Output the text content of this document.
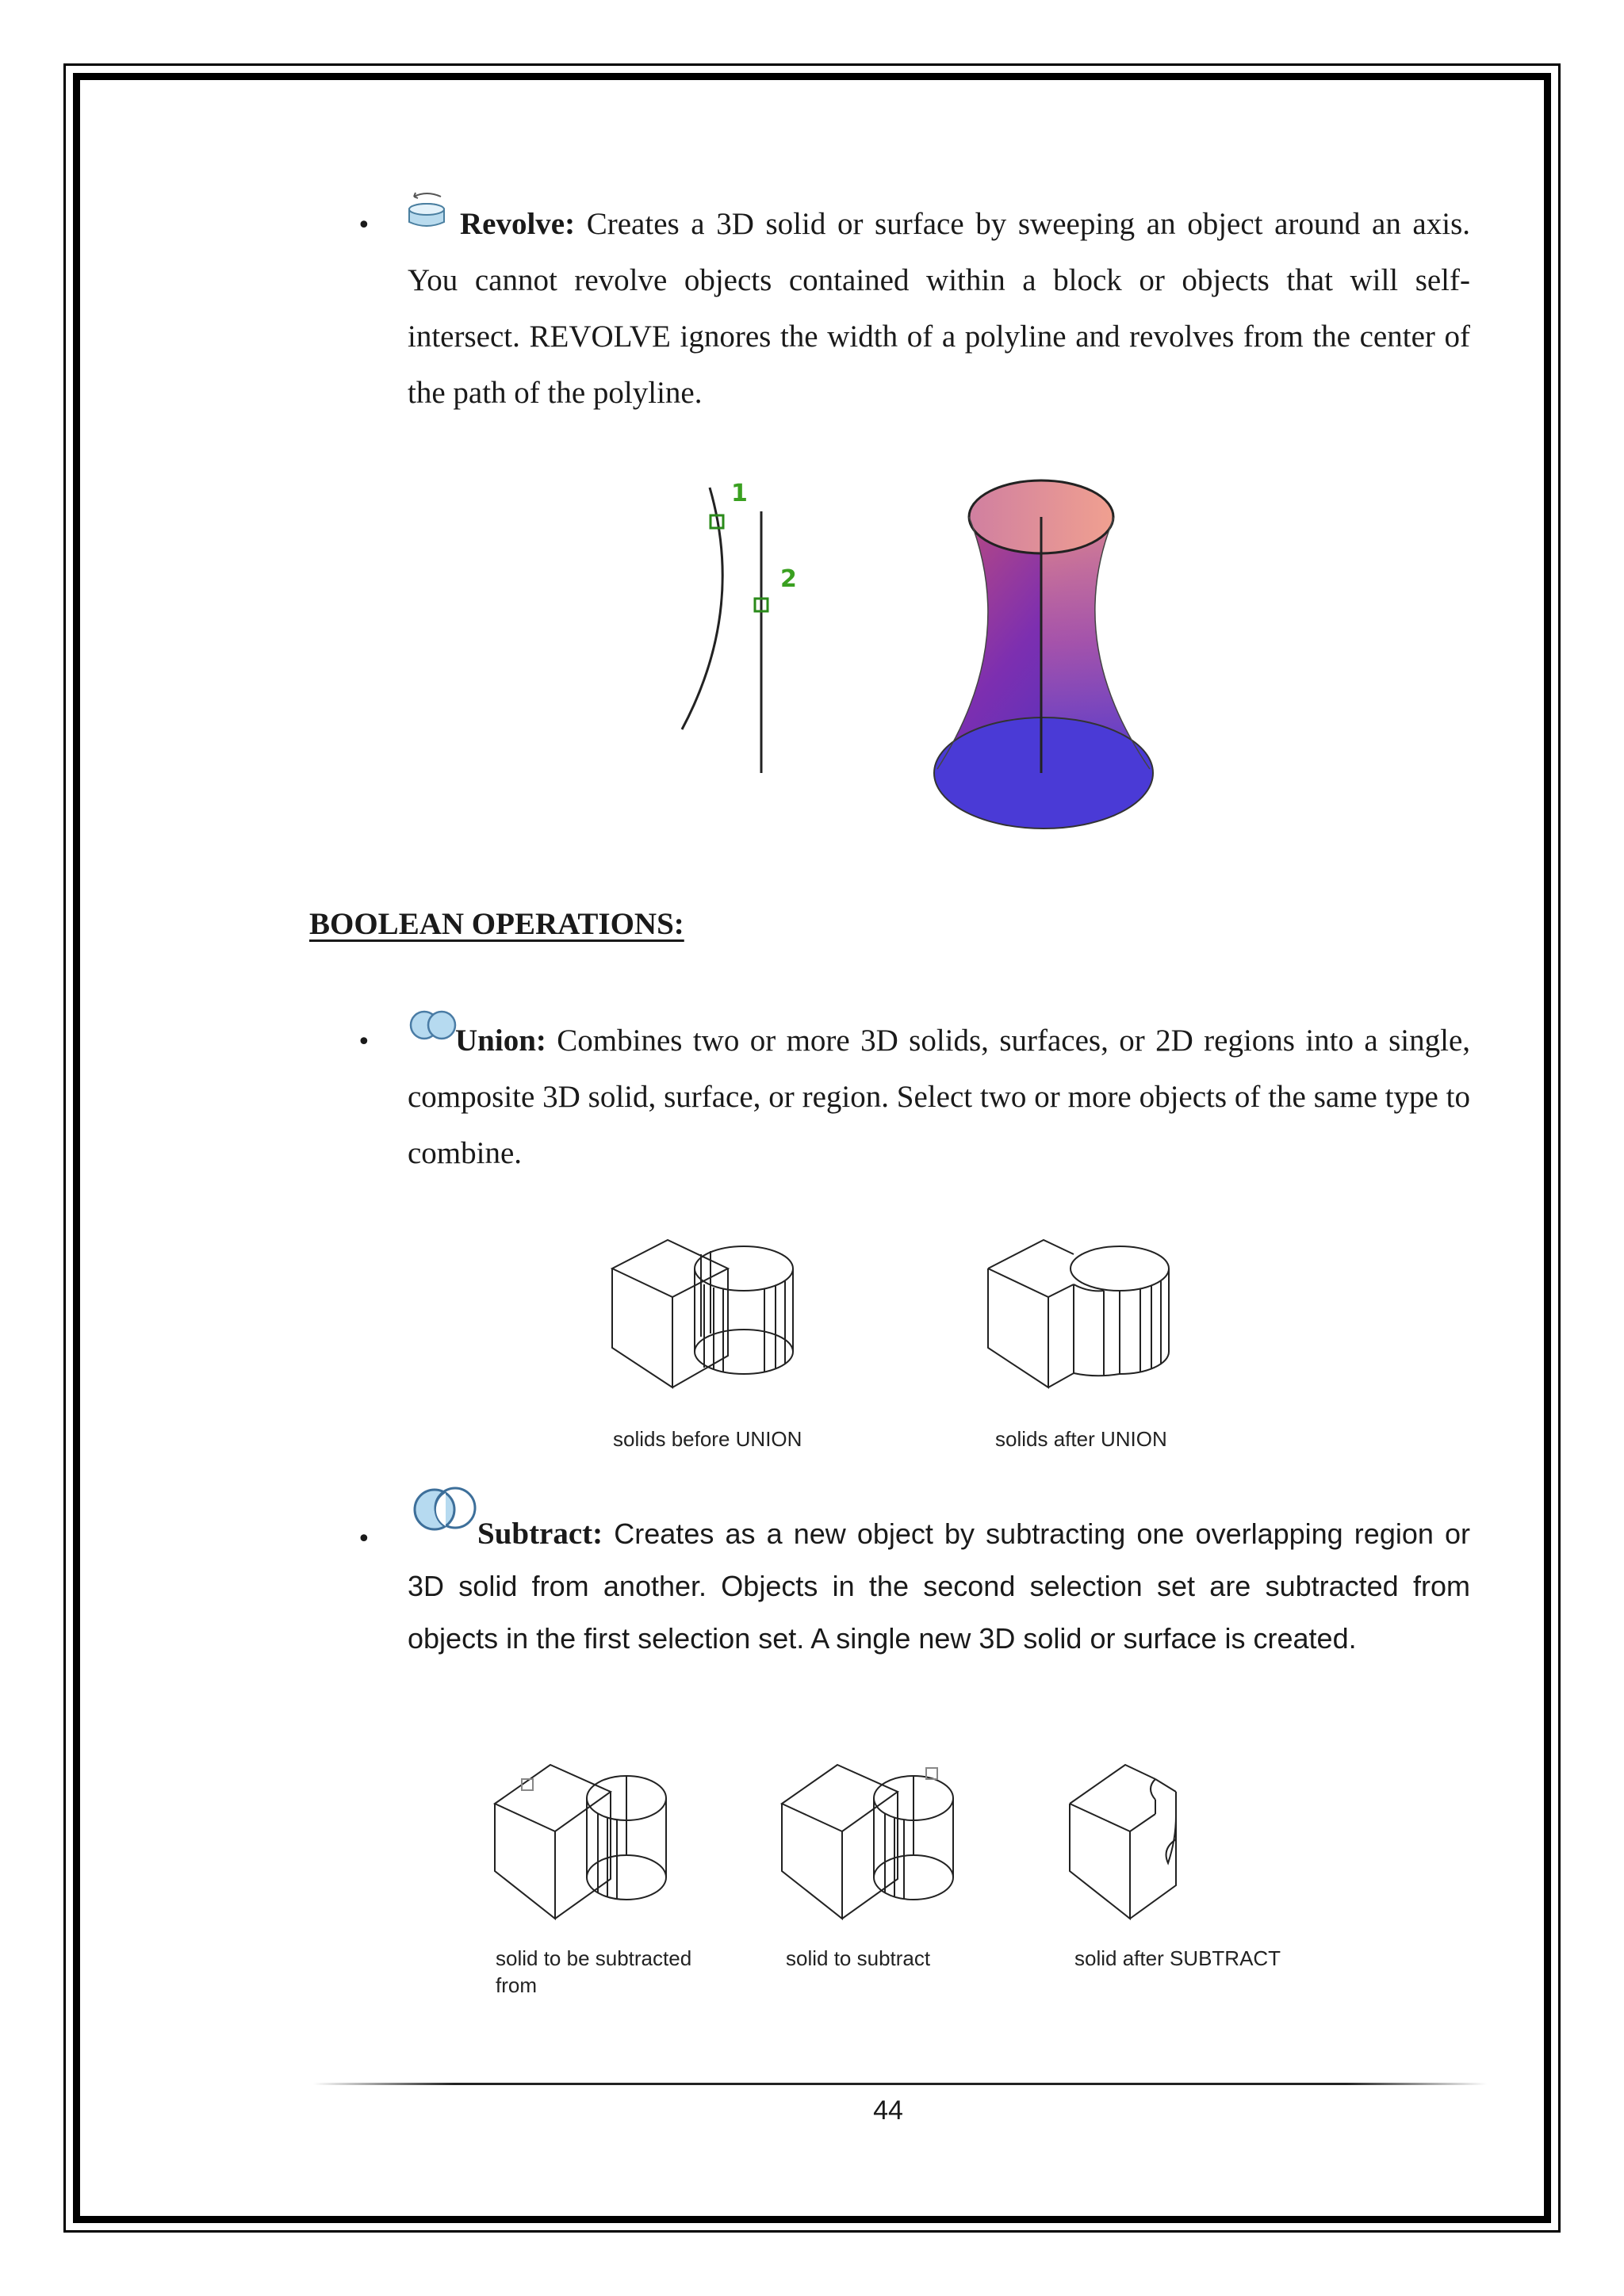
•	Revolve: Creates a 3D solid or surface by sweeping an object around an axis. You cannot revolve objects contained within a block or objects that will self-intersect. REVOLVE ignores the width of a polyline and revolves from the center of the path of the polyline.
1
2
BOOLEAN OPERATIONS:
•	Union: Combines two or more 3D solids, surfaces, or 2D regions into a single, composite 3D solid, surface, or region. Select two or more objects of the same type to combine.
solids before UNION	solids after UNION
•	Subtract: Creates as a new object by subtracting one overlapping region or 3D solid from another. Objects in the second selection set are subtracted from objects in the first selection set. A single new 3D solid or surface is created.
solid to be subtracted from
solid to subtract	solid after SUBTRACT
44
